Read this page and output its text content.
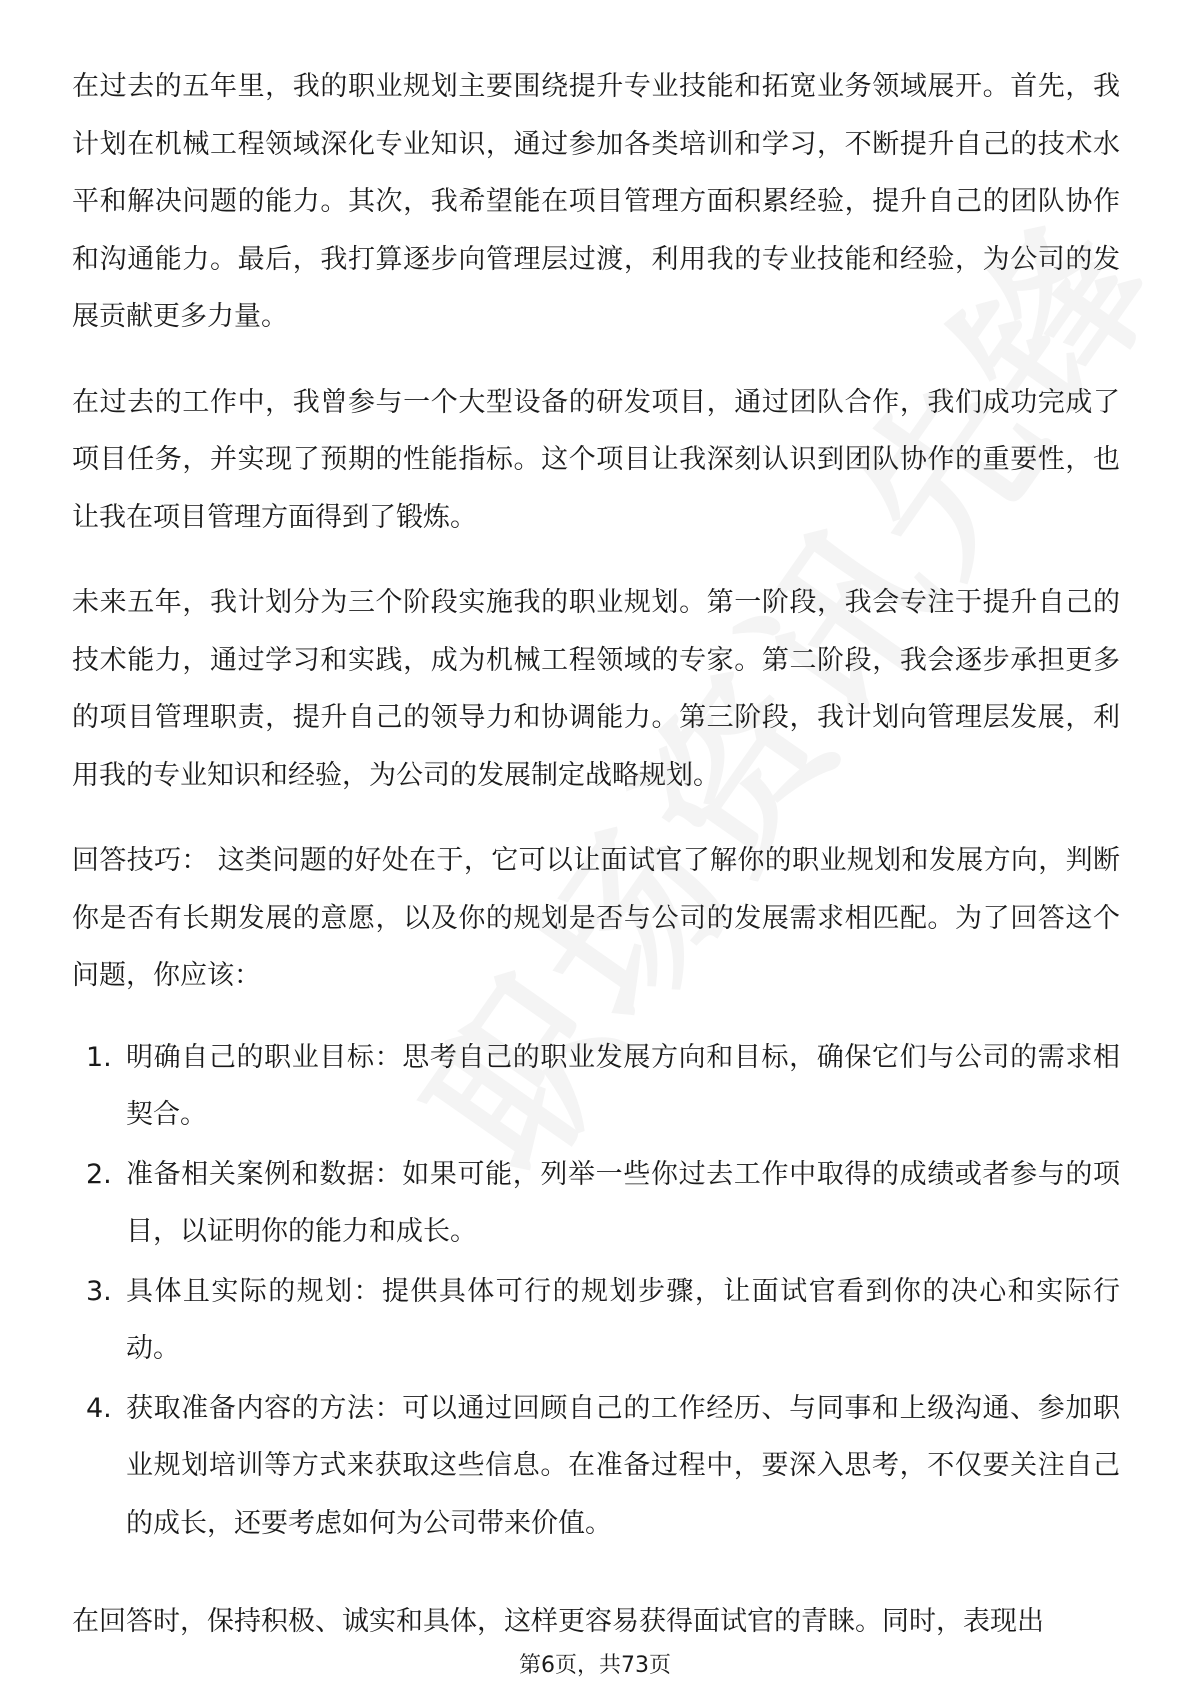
在过去的五年里，我的职业规划主要围绕提升专业技能和拓宽业务领域展开。首先，我计划在机械工程领域深化专业知识，通过参加各类培训和学习，不断提升自己的技术水平和解决问题的能力。其次，我希望能在项目管理方面积累经验，提升自己的团队协作和沟通能力。最后，我打算逐步向管理层过渡，利用我的专业技能和经验，为公司的发展贡献更多力量。

在过去的工作中，我曾参与一个大型设备的研发项目，通过团队合作，我们成功完成了项目任务，并实现了预期的性能指标。这个项目让我深刻认识到团队协作的重要性，也让我在项目管理方面得到了锻炼。

未来五年，我计划分为三个阶段实施我的职业规划。第一阶段，我会专注于提升自己的技术能力，通过学习和实践，成为机械工程领域的专家。第二阶段，我会逐步承担更多的项目管理职责，提升自己的领导力和协调能力。第三阶段，我计划向管理层发展，利用我的专业知识和经验，为公司的发展制定战略规划。

回答技巧： 这类问题的好处在于，它可以让面试官了解你的职业规划和发展方向，判断你是否有长期发展的意愿，以及你的规划是否与公司的发展需求相匹配。为了回答这个问题，你应该：

1. 明确自己的职业目标：思考自己的职业发展方向和目标，确保它们与公司的需求相契合。
2. 准备相关案例和数据：如果可能，列举一些你过去工作中取得的成绩或者参与的项目，以证明你的能力和成长。
3. 具体且实际的规划：提供具体可行的规划步骤，让面试官看到你的决心和实际行动。
4. 获取准备内容的方法：可以通过回顾自己的工作经历、与同事和上级沟通、参加职业规划培训等方式来获取这些信息。在准备过程中，要深入思考，不仅要关注自己的成长，还要考虑如何为公司带来价值。

在回答时，保持积极、诚实和具体，这样更容易获得面试官的青睐。同时，表现出

第6页，共73页
